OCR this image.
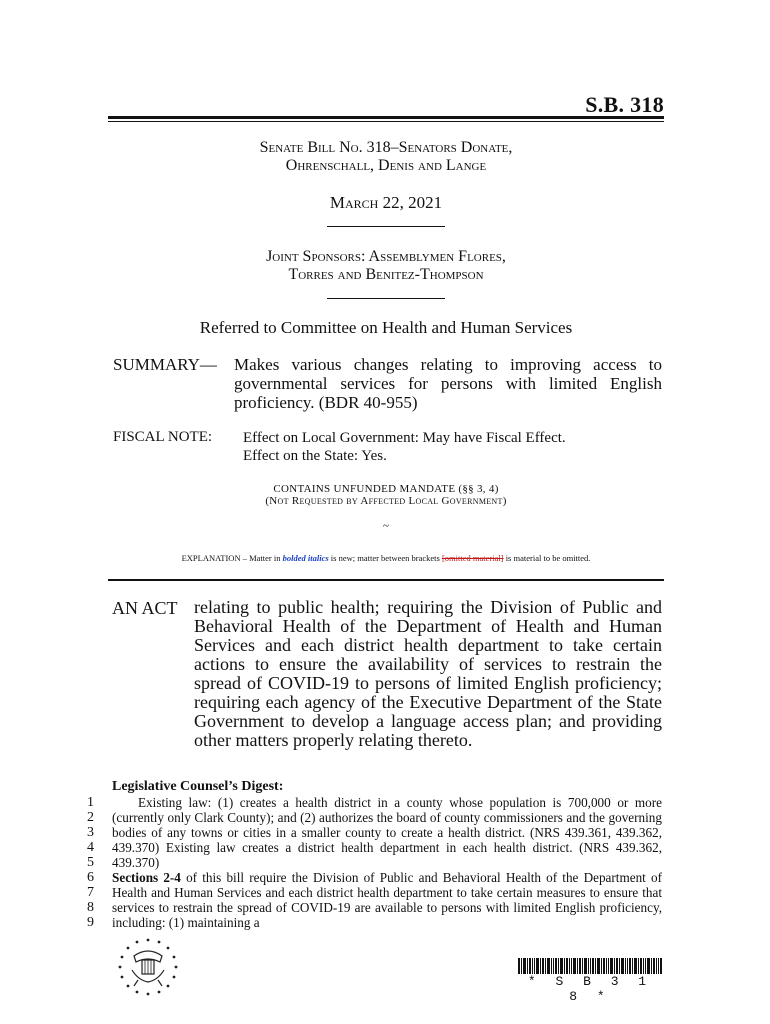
S.B. 318
Senate Bill No. 318–Senators Donate,
Ohrenschall, Denis and Lange
March 22, 2021
Joint Sponsors: Assemblymen Flores,
Torres and Benitez-Thompson
Referred to Committee on Health and Human Services
SUMMARY— Makes various changes relating to improving access to governmental services for persons with limited English proficiency. (BDR 40-955)
FISCAL NOTE: Effect on Local Government: May have Fiscal Effect.
Effect on the State: Yes.
CONTAINS UNFUNDED MANDATE (§§ 3, 4)
(Not Requested by Affected Local Government)
~
EXPLANATION – Matter in bolded italics is new; matter between brackets [omitted material] is material to be omitted.
AN ACT relating to public health; requiring the Division of Public and Behavioral Health of the Department of Health and Human Services and each district health department to take certain actions to ensure the availability of services to restrain the spread of COVID-19 to persons of limited English proficiency; requiring each agency of the Executive Department of the State Government to develop a language access plan; and providing other matters properly relating thereto.
Legislative Counsel’s Digest:
1
2
3
4
5
6
7
8
9

Existing law: (1) creates a health district in a county whose population is 700,000 or more (currently only Clark County); and (2) authorizes the board of county commissioners and the governing bodies of any towns or cities in a smaller county to create a health district. (NRS 439.361, 439.362, 439.370) Existing law creates a district health department in each health district. (NRS 439.362, 439.370)

Sections 2-4 of this bill require the Division of Public and Behavioral Health of the Department of Health and Human Services and each district health department to take certain measures to ensure that services to restrain the spread of COVID-19 are available to persons with limited English proficiency, including: (1) maintaining a

* S B 3 1 8 *
